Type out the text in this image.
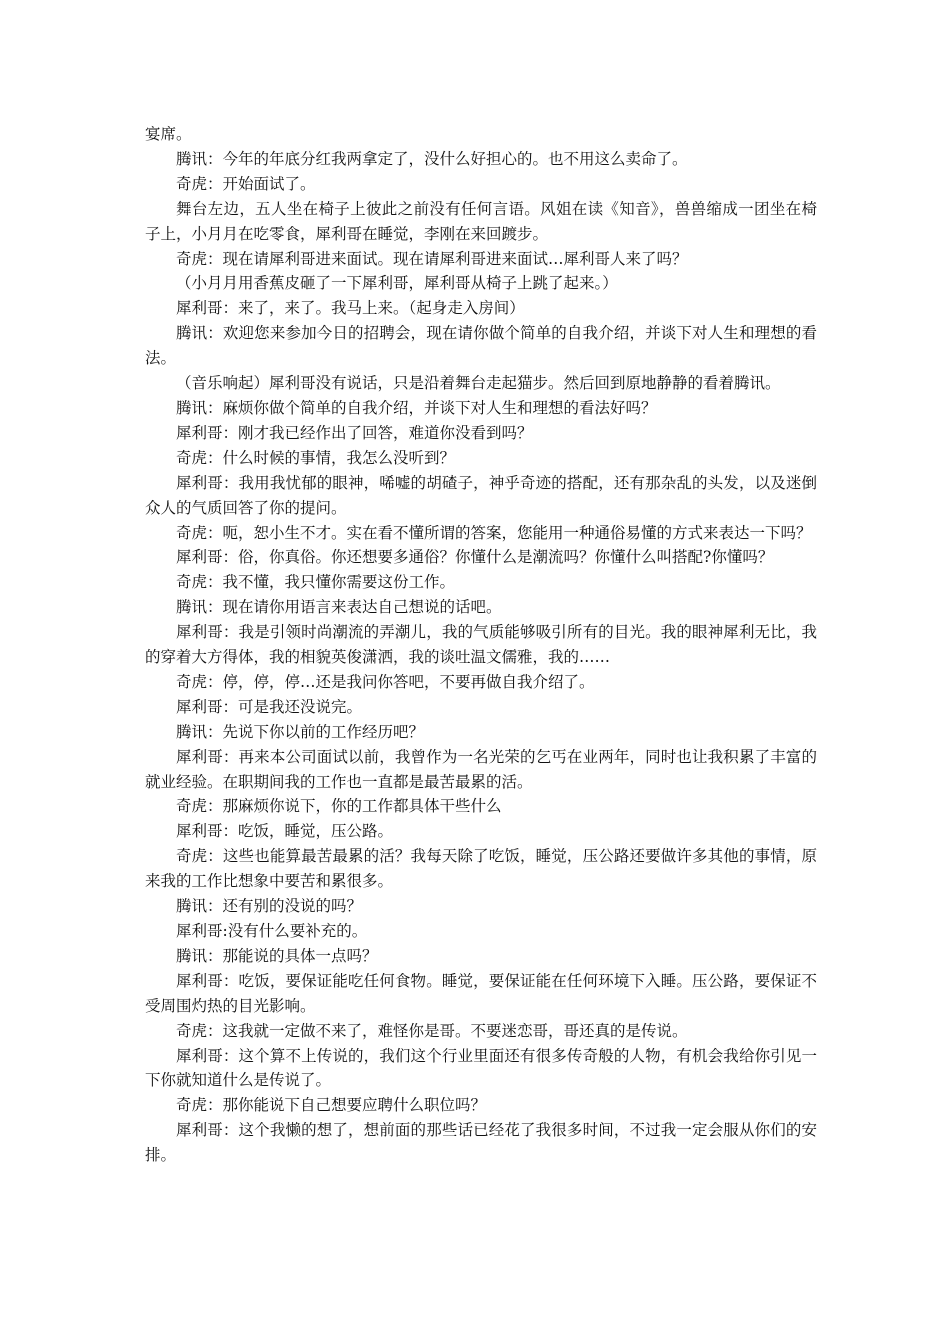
宴席。

腾讯：今年的年底分红我两拿定了，没什么好担心的。也不用这么卖命了。

奇虎：开始面试了。

舞台左边，五人坐在椅子上彼此之前没有任何言语。风姐在读《知音》，兽兽缩成一团坐在椅子上，小月月在吃零食，犀利哥在睡觉，李刚在来回踱步。

奇虎：现在请犀利哥进来面试。现在请犀利哥进来面试…犀利哥人来了吗？

（小月月用香蕉皮砸了一下犀利哥，犀利哥从椅子上跳了起来。）

犀利哥：来了，来了。我马上来。（起身走入房间）

腾讯：欢迎您来参加今日的招聘会，现在请你做个简单的自我介绍，并谈下对人生和理想的看法。

（音乐响起）犀利哥没有说话，只是沿着舞台走起猫步。然后回到原地静静的看着腾讯。

腾讯：麻烦你做个简单的自我介绍，并谈下对人生和理想的看法好吗？

犀利哥：刚才我已经作出了回答，难道你没看到吗？

奇虎：什么时候的事情，我怎么没听到？

犀利哥：我用我忧郁的眼神，唏嘘的胡碴子，神乎奇迹的搭配，还有那杂乱的头发，以及迷倒众人的气质回答了你的提问。

奇虎：呃，恕小生不才。实在看不懂所谓的答案，您能用一种通俗易懂的方式来表达一下吗？

犀利哥：俗，你真俗。你还想要多通俗？你懂什么是潮流吗？你懂什么叫搭配?你懂吗？

奇虎：我不懂，我只懂你需要这份工作。

腾讯：现在请你用语言来表达自己想说的话吧。

犀利哥：我是引领时尚潮流的弄潮儿，我的气质能够吸引所有的目光。我的眼神犀利无比，我的穿着大方得体，我的相貌英俊潇洒，我的谈吐温文儒雅，我的……

奇虎：停，停，停…还是我问你答吧，不要再做自我介绍了。

犀利哥：可是我还没说完。

腾讯：先说下你以前的工作经历吧？

犀利哥：再来本公司面试以前，我曾作为一名光荣的乞丐在业两年，同时也让我积累了丰富的就业经验。在职期间我的工作也一直都是最苦最累的活。

奇虎：那麻烦你说下，你的工作都具体干些什么

犀利哥：吃饭，睡觉，压公路。

奇虎：这些也能算最苦最累的活？我每天除了吃饭，睡觉，压公路还要做许多其他的事情，原来我的工作比想象中要苦和累很多。

腾讯：还有别的没说的吗？

犀利哥:没有什么要补充的。

腾讯：那能说的具体一点吗？

犀利哥：吃饭，要保证能吃任何食物。睡觉，要保证能在任何环境下入睡。压公路，要保证不受周围灼热的目光影响。

奇虎：这我就一定做不来了，难怪你是哥。不要迷恋哥，哥还真的是传说。

犀利哥：这个算不上传说的，我们这个行业里面还有很多传奇般的人物，有机会我给你引见一下你就知道什么是传说了。

奇虎：那你能说下自己想要应聘什么职位吗？

犀利哥：这个我懒的想了，想前面的那些话已经花了我很多时间，不过我一定会服从你们的安排。
